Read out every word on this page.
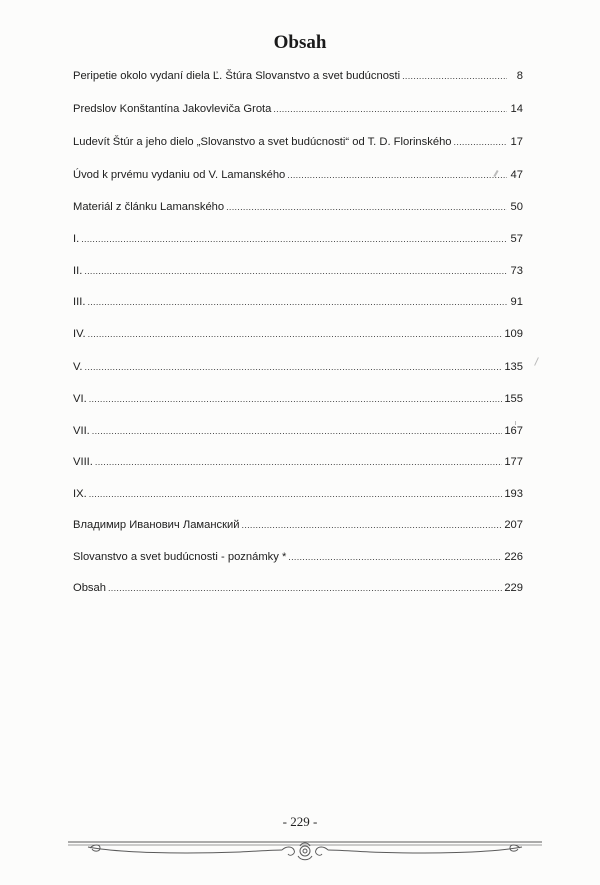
Obsah
Peripetie okolo vydaní diela Ľ. Štúra Slovanstvo a svet budúcnosti .....	8
Predslov Konštantína Jakovleviča Grota .....	14
Ludevít Štúr a jeho dielo „Slovanstvo a svet budúcnosti“ od T. D. Florinského .....	17
Úvod k prvému vydaniu od V. Lamanského .....	47
Materiál z článku Lamanského .....	50
I. .....	57
II. .....	73
III. .....	91
IV. .....	109
V. .....	135
VI. .....	155
VII. .....	167
VIII. .....	177
IX. .....	193
Владимир Иванович Ламанский .....	207
Slovanstvo a svet budúcnosti - poznámky * .....	226
Obsah .....	229
- 229 -
